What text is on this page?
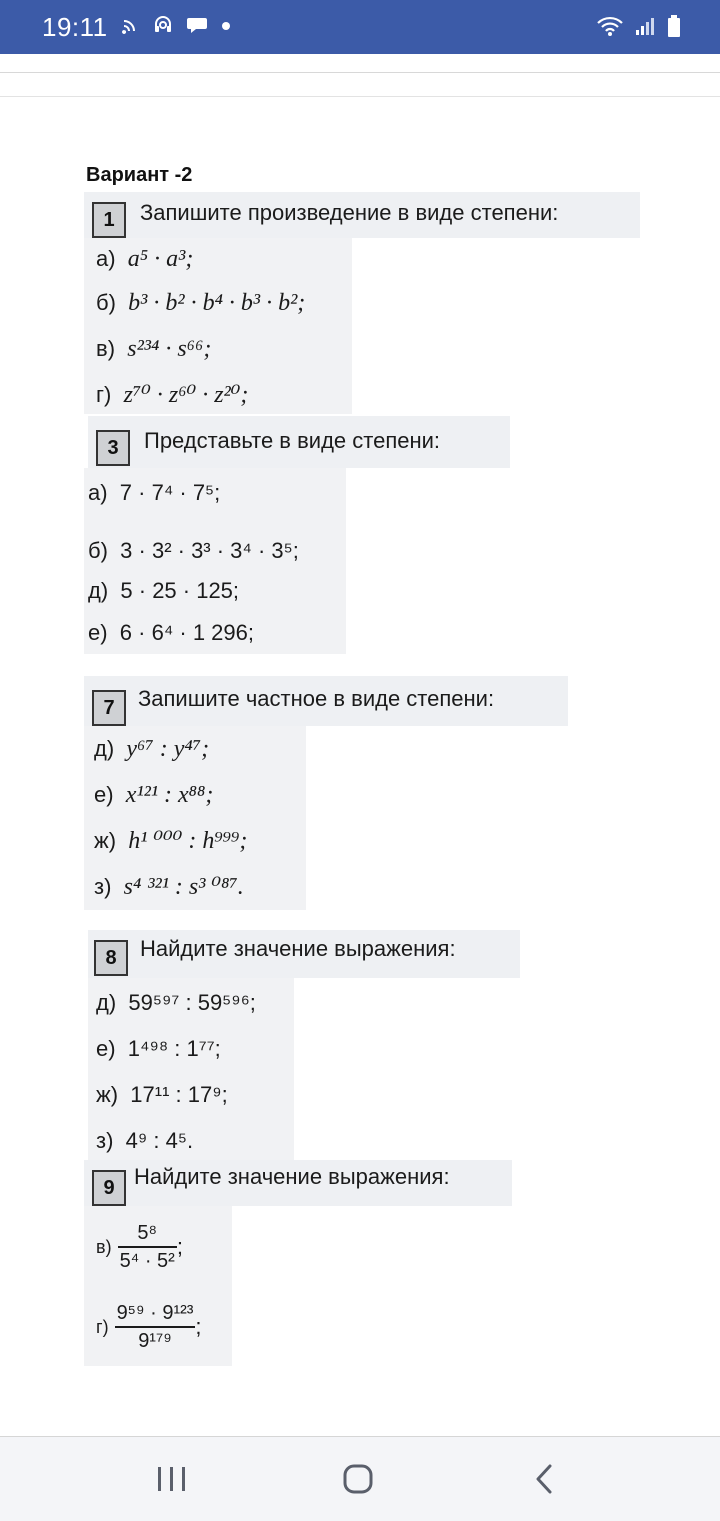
19:11
Вариант -2
1	Запишите произведение в виде степени:
а) a⁵ · a³;
б) b³ · b² · b⁴ · b³ · b²;
в) s²³⁴ · s⁶⁶;
г) z⁷⁰ · z⁶⁰ · z²⁰;
3	Представьте в виде степени:
а) 7 · 7⁴ · 7⁵;
б) 3 · 3² · 3³ · 3⁴ · 3⁵;
д) 5 · 25 · 125;
е) 6 · 6⁴ · 1 296;
7	Запишите частное в виде степени:
д) y⁶⁷ : y⁴⁷;
е) x¹²¹ : x⁸⁸;
ж) h¹ ⁰⁰⁰ : h⁹⁹⁹;
з) s⁴ ³²¹ : s³ ⁰⁸⁷.
8	Найдите значение выражения:
д) 59⁵⁹⁷ : 59⁵⁹⁶;
е) 1⁴⁹⁸ : 1⁷⁷;
ж) 17¹¹ : 17⁹;
з) 4⁹ : 4⁵.
9 Найдите значение выражения:
$в) \frac{\text{5⁸}}{\text{5⁴ · 5²}}$ ;
$г) \frac{\text{9⁵⁹ · 9¹²³}}{\text{9¹⁷⁹}}$ ;
